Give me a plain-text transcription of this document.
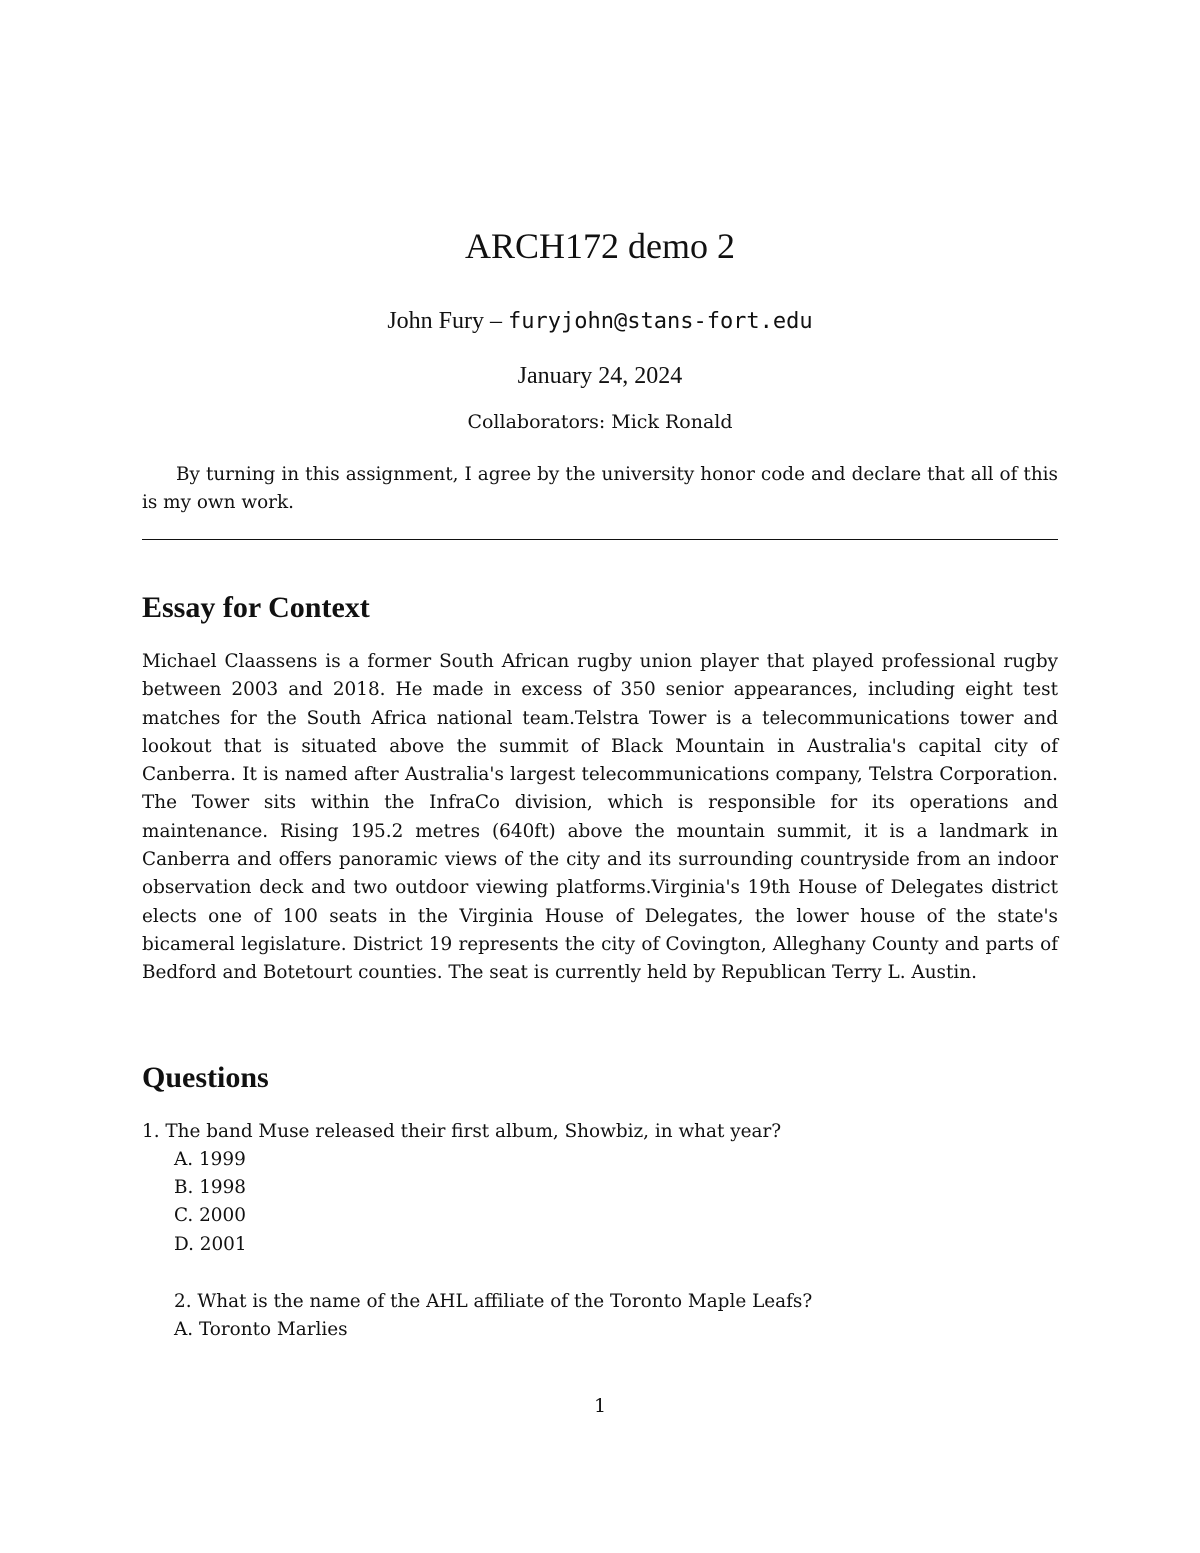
ARCH172 demo 2
John Fury – furyjohn@stans-fort.edu
January 24, 2024
Collaborators: Mick Ronald
By turning in this assignment, I agree by the university honor code and declare that all of this is my own work.
Essay for Context
Michael Claassens is a former South African rugby union player that played professional rugby between 2003 and 2018. He made in excess of 350 senior appearances, including eight test matches for the South Africa national team.Telstra Tower is a telecommunications tower and lookout that is situated above the summit of Black Mountain in Australia's capital city of Canberra. It is named after Australia's largest telecommunications company, Telstra Corporation. The Tower sits within the InfraCo division, which is responsible for its operations and maintenance. Rising 195.2 metres (640ft) above the mountain summit, it is a landmark in Canberra and offers panoramic views of the city and its surrounding countryside from an indoor observation deck and two outdoor viewing platforms.Virginia's 19th House of Delegates district elects one of 100 seats in the Virginia House of Delegates, the lower house of the state's bicameral legislature. District 19 represents the city of Covington, Alleghany County and parts of Bedford and Botetourt counties. The seat is currently held by Republican Terry L. Austin.
Questions
1. The band Muse released their first album, Showbiz, in what year?
A. 1999
B. 1998
C. 2000
D. 2001
2. What is the name of the AHL affiliate of the Toronto Maple Leafs?
A. Toronto Marlies
1
